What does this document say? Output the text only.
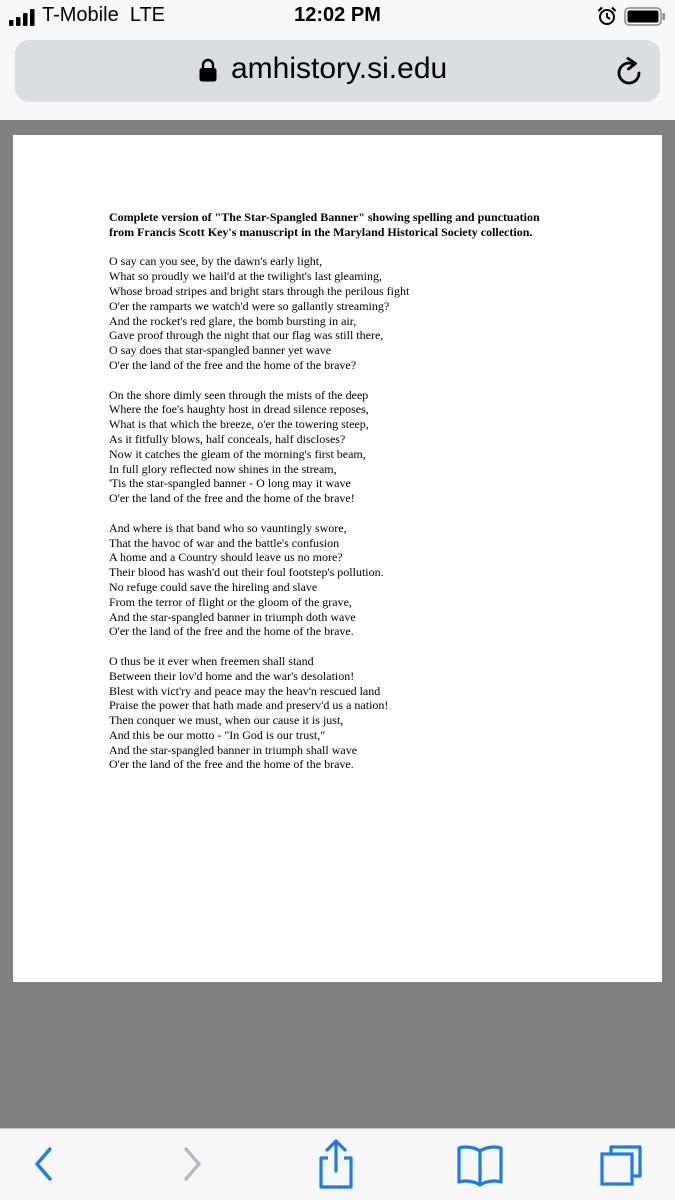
T-Mobile LTE	12:02 PM
amhistory.si.edu
Complete version of "The Star-Spangled Banner" showing spelling and punctuation
from Francis Scott Key's manuscript in the Maryland Historical Society collection.
O say can you see, by the dawn's early light,
What so proudly we hail'd at the twilight's last gleaming,
Whose broad stripes and bright stars through the perilous fight
O'er the ramparts we watch'd were so gallantly streaming?
And the rocket's red glare, the bomb bursting in air,
Gave proof through the night that our flag was still there,
O say does that star-spangled banner yet wave
O'er the land of the free and the home of the brave?
On the shore dimly seen through the mists of the deep
Where the foe's haughty host in dread silence reposes,
What is that which the breeze, o'er the towering steep,
As it fitfully blows, half conceals, half discloses?
Now it catches the gleam of the morning's first beam,
In full glory reflected now shines in the stream,
'Tis the star-spangled banner - O long may it wave
O'er the land of the free and the home of the brave!
And where is that band who so vauntingly swore,
That the havoc of war and the battle's confusion
A home and a Country should leave us no more?
Their blood has wash'd out their foul footstep's pollution.
No refuge could save the hireling and slave
From the terror of flight or the gloom of the grave,
And the star-spangled banner in triumph doth wave
O'er the land of the free and the home of the brave.
O thus be it ever when freemen shall stand
Between their lov'd home and the war's desolation!
Blest with vict'ry and peace may the heav'n rescued land
Praise the power that hath made and preserv'd us a nation!
Then conquer we must, when our cause it is just,
And this be our motto - "In God is our trust,"
And the star-spangled banner in triumph shall wave
O'er the land of the free and the home of the brave.
